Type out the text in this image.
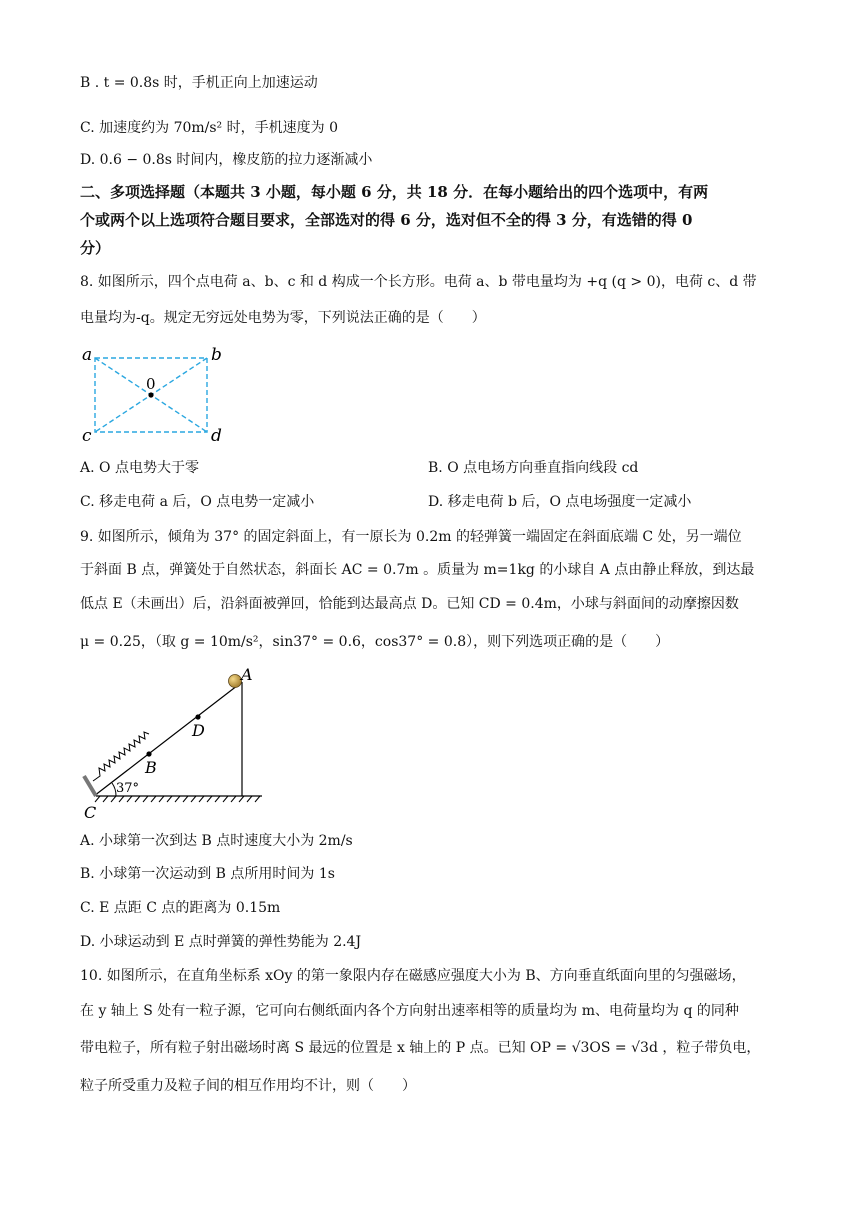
B . t = 0.8s 时，手机正向上加速运动
C. 加速度约为 70m/s² 时，手机速度为 0
D. 0.6 − 0.8s 时间内，橡皮筋的拉力逐渐减小
二、多项选择题（本题共 3 小题，每小题 6 分，共 18 分．在每小题给出的四个选项中，有两
个或两个以上选项符合题目要求，全部选对的得 6 分，选对但不全的得 3 分，有选错的得 0
分）
8. 如图所示，四个点电荷 a、b、c 和 d 构成一个长方形。电荷 a、b 带电量均为 +q (q > 0)，电荷 c、d 带
电量均为-q。规定无穷远处电势为零，下列说法正确的是（　　）
a	b
c	d
0
A. O 点电势大于零	B. O 点电场方向垂直指向线段 cd
C. 移走电荷 a 后，O 点电势一定减小	D. 移走电荷 b 后，O 点电场强度一定减小
9. 如图所示，倾角为 37° 的固定斜面上，有一原长为 0.2m 的轻弹簧一端固定在斜面底端 C 处，另一端位
于斜面 B 点，弹簧处于自然状态，斜面长 AC = 0.7m 。质量为 m=1kg 的小球自 A 点由静止释放，到达最
低点 E（未画出）后，沿斜面被弹回，恰能到达最高点 D。已知 CD = 0.4m，小球与斜面间的动摩擦因数
μ = 0.25，（取 g = 10m/s²，sin37° = 0.6，cos37° = 0.8），则下列选项正确的是（　　）
A
D
B
C
37°
A. 小球第一次到达 B 点时速度大小为 2m/s
B. 小球第一次运动到 B 点所用时间为 1s
C. E 点距 C 点的距离为 0.15m
D. 小球运动到 E 点时弹簧的弹性势能为 2.4J
10. 如图所示，在直角坐标系 xOy 的第一象限内存在磁感应强度大小为 B、方向垂直纸面向里的匀强磁场，
在 y 轴上 S 处有一粒子源，它可向右侧纸面内各个方向射出速率相等的质量均为 m、电荷量均为 q 的同种
带电粒子，所有粒子射出磁场时离 S 最远的位置是 x 轴上的 P 点。已知 OP = √3OS = √3d ，粒子带负电，
粒子所受重力及粒子间的相互作用均不计，则（　　）
